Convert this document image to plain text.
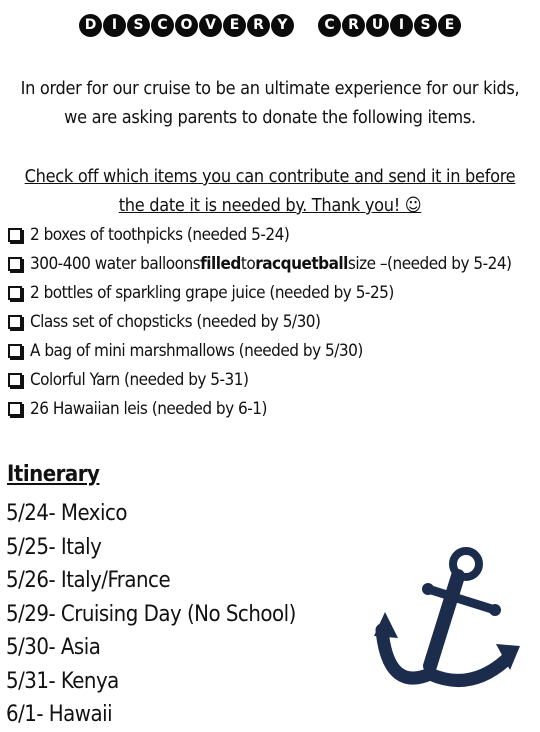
D	I	S C O V E R Y	C R U	I	S	E
In order for our cruise to be an ultimate experience for our kids, we are asking parents to donate the following items.
Check off which items you can contribute and send it in before the date it is needed by. Thank you! ☺
2 boxes of toothpicks (needed 5-24)
300-400 water balloons filled to racquetball size –(needed by 5-24)
2 bottles of sparkling grape juice (needed by 5-25)
Class set of chopsticks (needed by 5/30)
A bag of mini marshmallows (needed by 5/30)
Colorful Yarn (needed by 5-31)
26 Hawaiian leis (needed by 6-1)
Itinerary
5/24- Mexico
5/25- Italy
5/26- Italy/France
5/29- Cruising Day (No School)
5/30- Asia
5/31- Kenya
6/1- Hawaii
